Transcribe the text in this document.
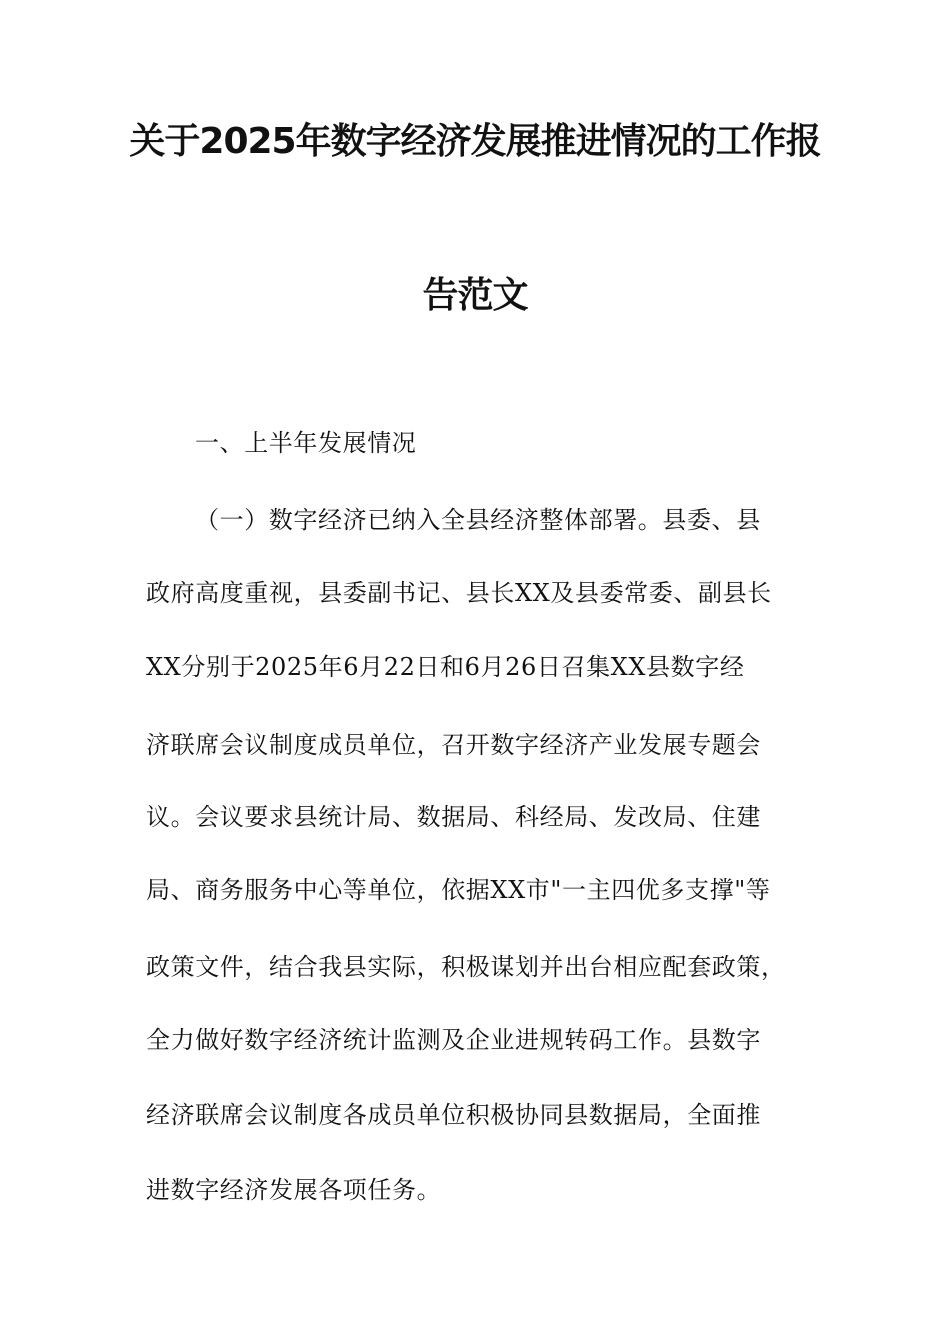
关于2025年数字经济发展推进情况的工作报
告范文
一、上半年发展情况
（一）数字经济已纳入全县经济整体部署。县委、县
政府高度重视，县委副书记、县长XX及县委常委、副县长
XX分别于2025年6月22日和6月26日召集XX县数字经
济联席会议制度成员单位，召开数字经济产业发展专题会
议。会议要求县统计局、数据局、科经局、发改局、住建
局、商务服务中心等单位，依据XX市"一主四优多支撑"等
政策文件，结合我县实际，积极谋划并出台相应配套政策，
全力做好数字经济统计监测及企业进规转码工作。县数字
经济联席会议制度各成员单位积极协同县数据局，全面推
进数字经济发展各项任务。
